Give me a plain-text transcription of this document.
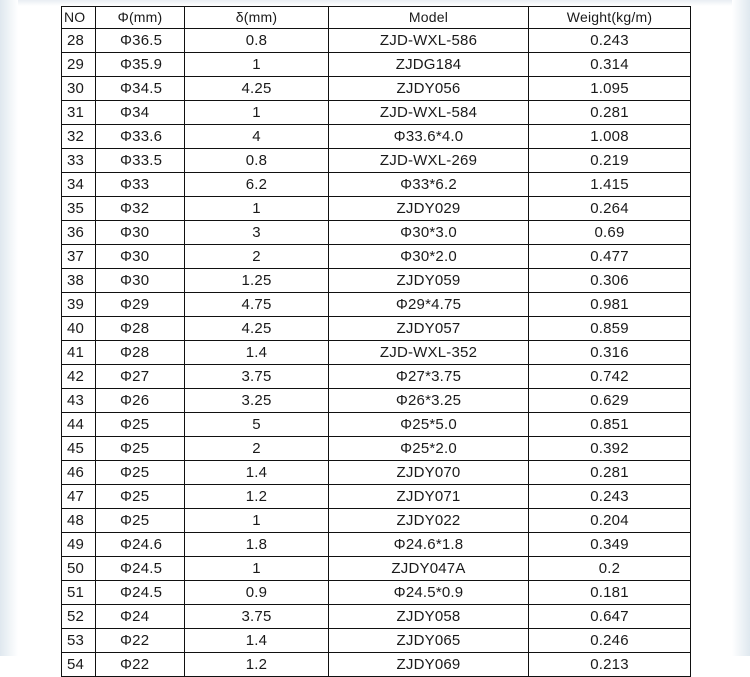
NO	Φ(mm)	δ(mm)	Model	Weight(kg/m)
28	Φ36.5	0.8	ZJD-WXL-586	0.243
29	Φ35.9	1	ZJDG184	0.314
30	Φ34.5	4.25	ZJDY056	1.095
31	Φ34	1	ZJD-WXL-584	0.281
32	Φ33.6	4	Φ33.6*4.0	1.008
33	Φ33.5	0.8	ZJD-WXL-269	0.219
34	Φ33	6.2	Φ33*6.2	1.415
35	Φ32	1	ZJDY029	0.264
36	Φ30	3	Φ30*3.0	0.69
37	Φ30	2	Φ30*2.0	0.477
38	Φ30	1.25	ZJDY059	0.306
39	Φ29	4.75	Φ29*4.75	0.981
40	Φ28	4.25	ZJDY057	0.859
41	Φ28	1.4	ZJD-WXL-352	0.316
42	Φ27	3.75	Φ27*3.75	0.742
43	Φ26	3.25	Φ26*3.25	0.629
44	Φ25	5	Φ25*5.0	0.851
45	Φ25	2	Φ25*2.0	0.392
46	Φ25	1.4	ZJDY070	0.281
47	Φ25	1.2	ZJDY071	0.243
48	Φ25	1	ZJDY022	0.204
49	Φ24.6	1.8	Φ24.6*1.8	0.349
50	Φ24.5	1	ZJDY047A	0.2
51	Φ24.5	0.9	Φ24.5*0.9	0.181
52	Φ24	3.75	ZJDY058	0.647
53	Φ22	1.4	ZJDY065	0.246
54	Φ22	1.2	ZJDY069	0.213
